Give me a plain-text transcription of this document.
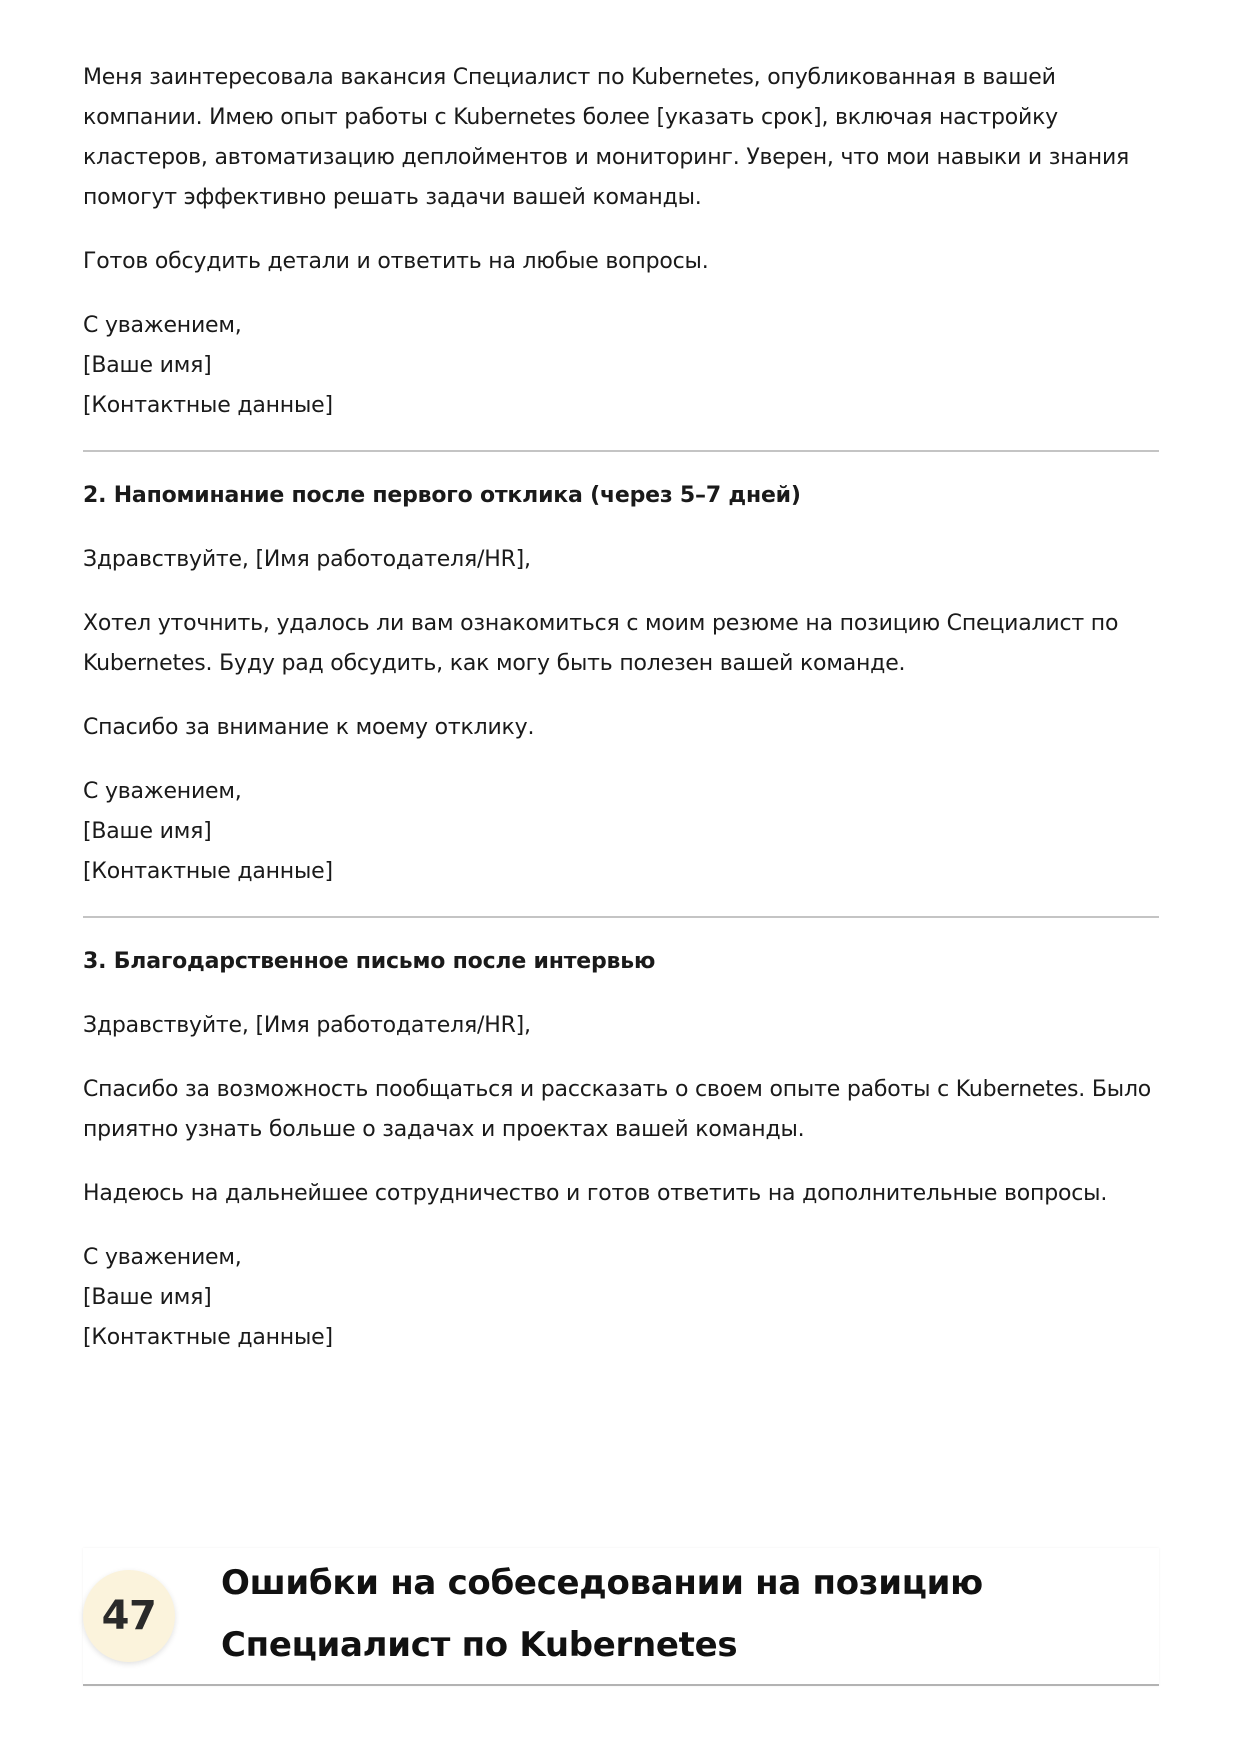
Меня заинтересовала вакансия Специалист по Kubernetes, опубликованная в вашей компании. Имею опыт работы с Kubernetes более [указать срок], включая настройку кластеров, автоматизацию деплойментов и мониторинг. Уверен, что мои навыки и знания помогут эффективно решать задачи вашей команды.

Готов обсудить детали и ответить на любые вопросы.

С уважением,

[Ваше имя]

[Контактные данные]

2. Напоминание после первого отклика (через 5–7 дней)

Здравствуйте, [Имя работодателя/HR],

Хотел уточнить, удалось ли вам ознакомиться с моим резюме на позицию Специалист по Kubernetes. Буду рад обсудить, как могу быть полезен вашей команде.

Спасибо за внимание к моему отклику.

С уважением,

[Ваше имя]

[Контактные данные]

3. Благодарственное письмо после интервью

Здравствуйте, [Имя работодателя/HR],

Спасибо за возможность пообщаться и рассказать о своем опыте работы с Kubernetes. Было приятно узнать больше о задачах и проектах вашей команды.

Надеюсь на дальнейшее сотрудничество и готов ответить на дополнительные вопросы.

С уважением,

[Ваше имя]

[Контактные данные]

47
Ошибки на собеседовании на позицию Специалист по Kubernetes
